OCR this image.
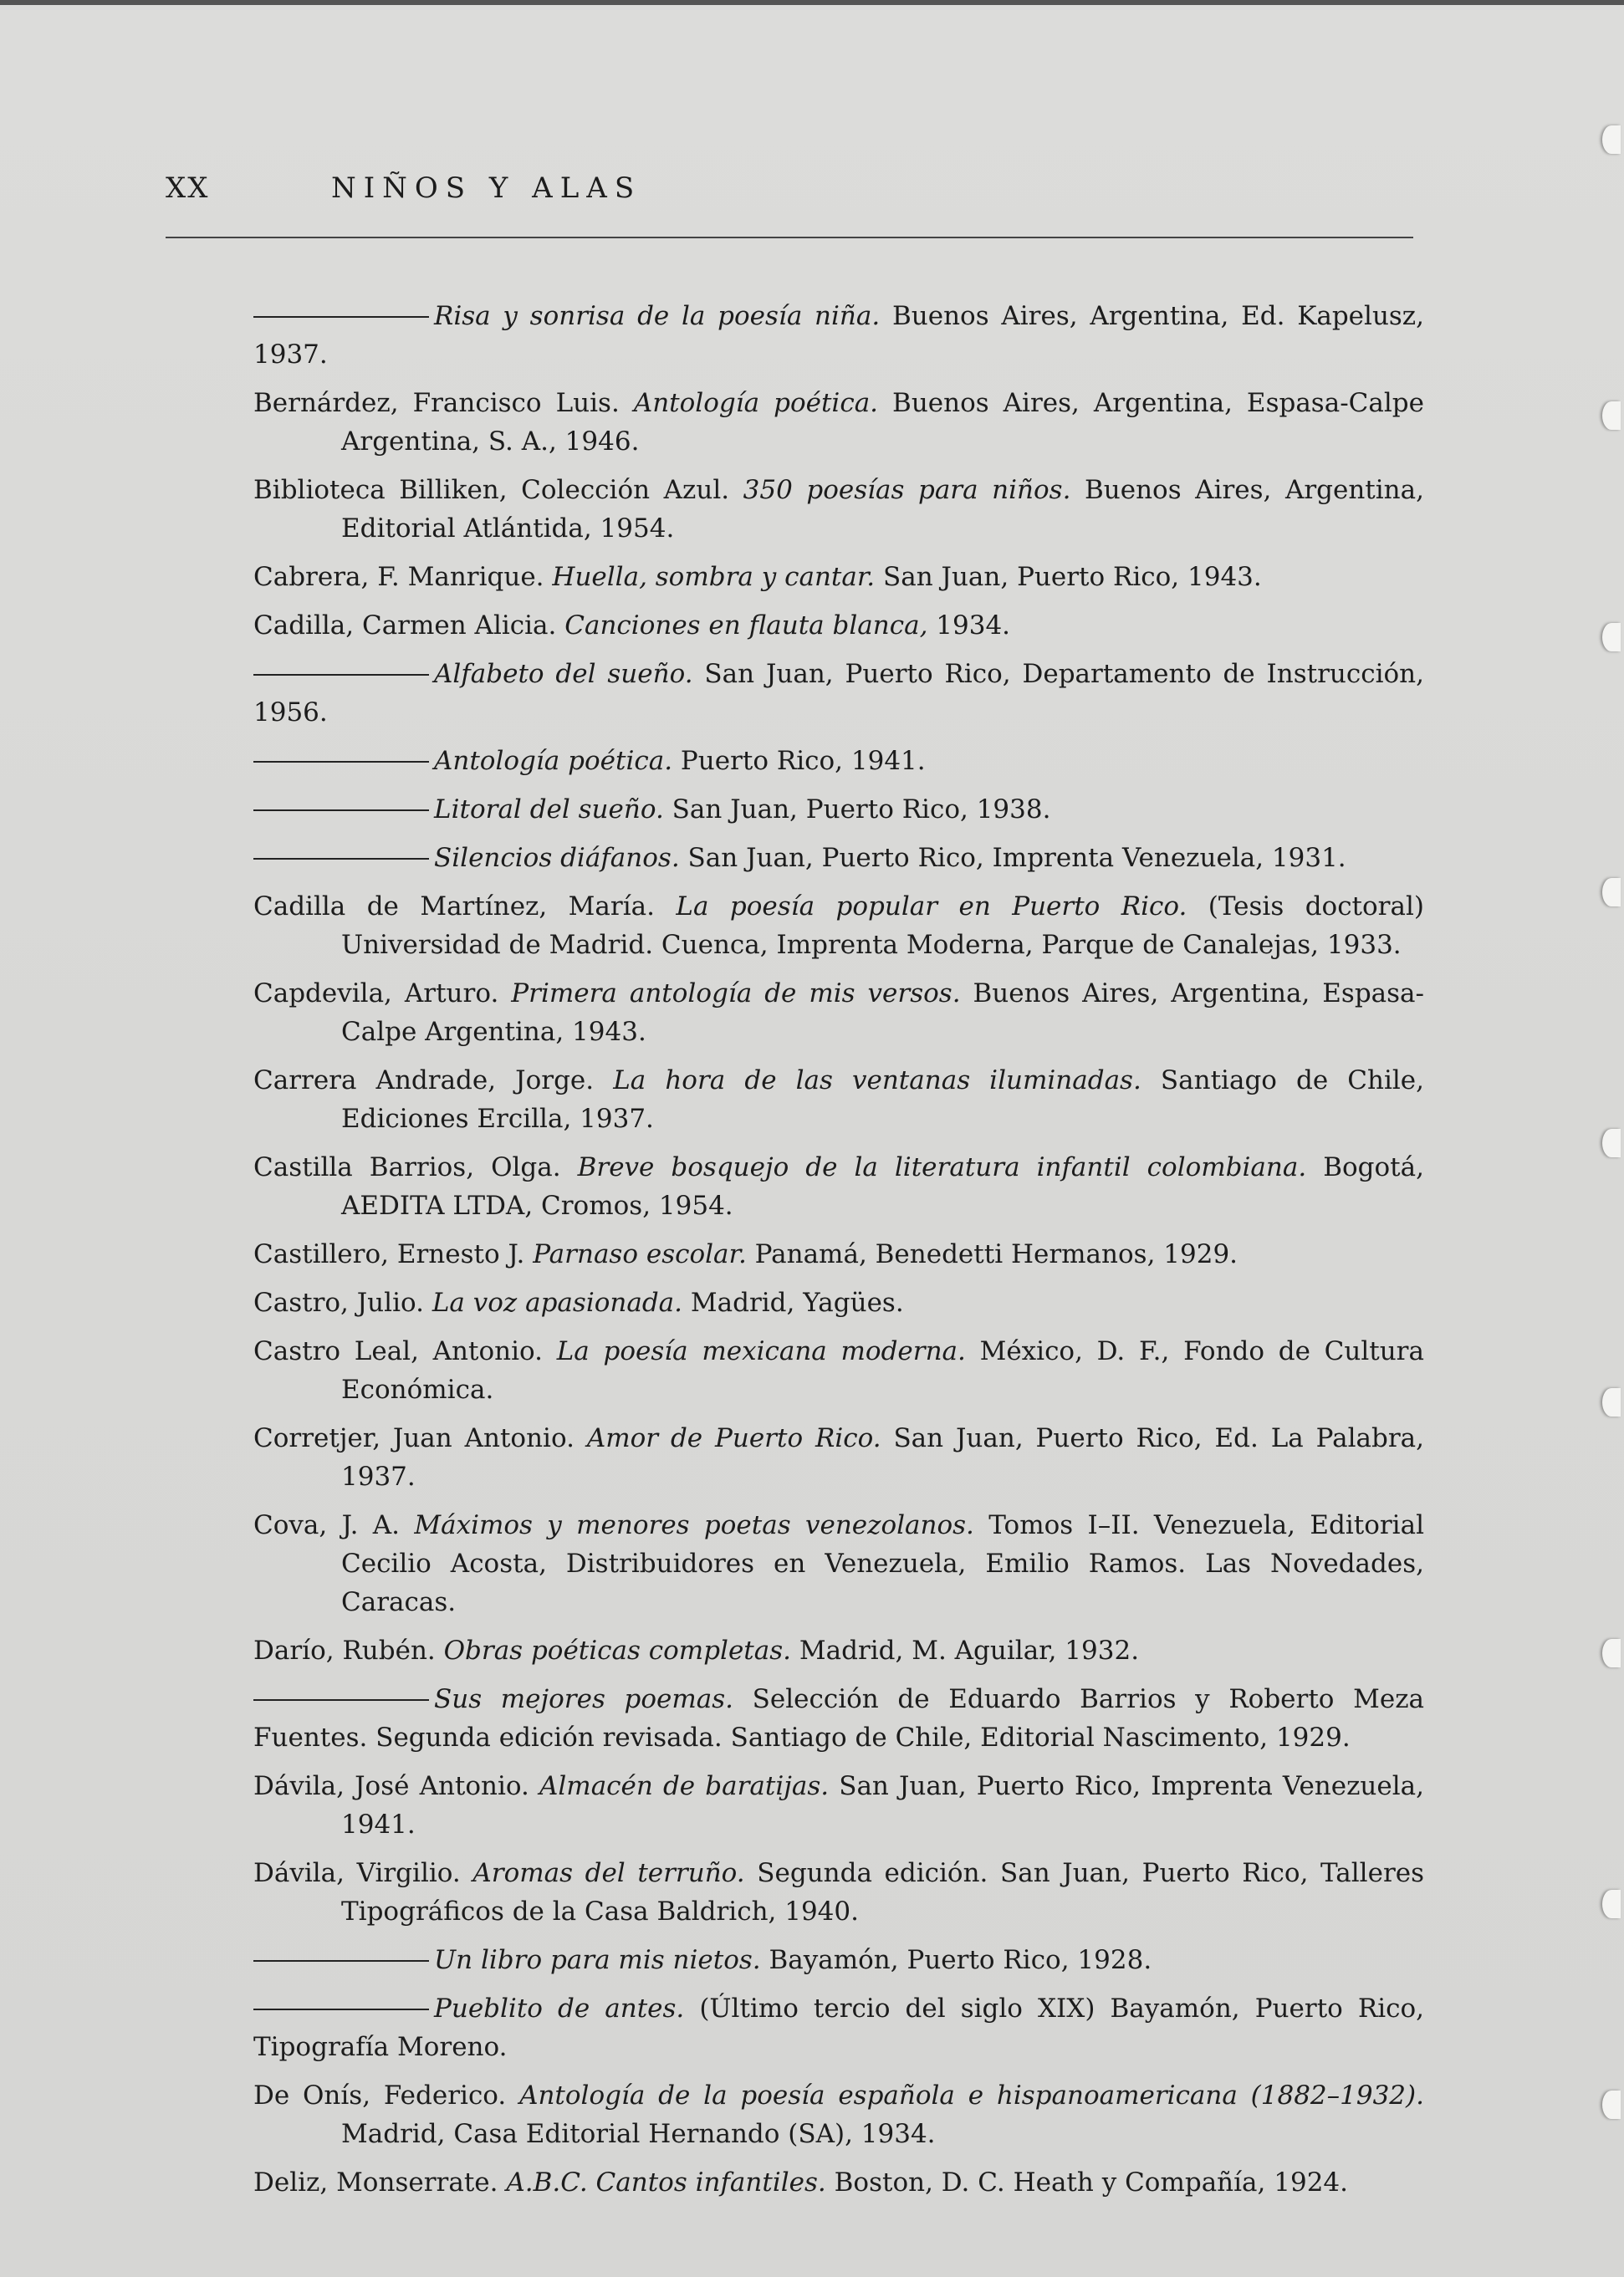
XX	NIÑOS Y ALAS
Risa y sonrisa de la poesía niña. Buenos Aires, Argentina, Ed. Kapelusz, 1937.
Bernárdez, Francisco Luis. Antología poética. Buenos Aires, Argentina, Espasa-Calpe Argentina, S. A., 1946.
Biblioteca Billiken, Colección Azul. 350 poesías para niños. Buenos Aires, Argentina, Editorial Atlántida, 1954.
Cabrera, F. Manrique. Huella, sombra y cantar. San Juan, Puerto Rico, 1943.
Cadilla, Carmen Alicia. Canciones en flauta blanca, 1934.
Alfabeto del sueño. San Juan, Puerto Rico, Departamento de Instrucción, 1956.
Antología poética. Puerto Rico, 1941.
Litoral del sueño. San Juan, Puerto Rico, 1938.
Silencios diáfanos. San Juan, Puerto Rico, Imprenta Venezuela, 1931.
Cadilla de Martínez, María. La poesía popular en Puerto Rico. (Tesis doctoral) Universidad de Madrid. Cuenca, Imprenta Moderna, Parque de Canalejas, 1933.
Capdevila, Arturo. Primera antología de mis versos. Buenos Aires, Argentina, Espasa-Calpe Argentina, 1943.
Carrera Andrade, Jorge. La hora de las ventanas iluminadas. Santiago de Chile, Ediciones Ercilla, 1937.
Castilla Barrios, Olga. Breve bosquejo de la literatura infantil colombiana. Bogotá, AEDITA LTDA, Cromos, 1954.
Castillero, Ernesto J. Parnaso escolar. Panamá, Benedetti Hermanos, 1929.
Castro, Julio. La voz apasionada. Madrid, Yagües.
Castro Leal, Antonio. La poesía mexicana moderna. México, D. F., Fondo de Cultura Económica.
Corretjer, Juan Antonio. Amor de Puerto Rico. San Juan, Puerto Rico, Ed. La Palabra, 1937.
Cova, J. A. Máximos y menores poetas venezolanos. Tomos I–II. Venezuela, Editorial Cecilio Acosta, Distribuidores en Venezuela, Emilio Ramos. Las Novedades, Caracas.
Darío, Rubén. Obras poéticas completas. Madrid, M. Aguilar, 1932.
Sus mejores poemas. Selección de Eduardo Barrios y Roberto Meza Fuentes. Segunda edición revisada. Santiago de Chile, Editorial Nascimento, 1929.
Dávila, José Antonio. Almacén de baratijas. San Juan, Puerto Rico, Imprenta Venezuela, 1941.
Dávila, Virgilio. Aromas del terruño. Segunda edición. San Juan, Puerto Rico, Talleres Tipográficos de la Casa Baldrich, 1940.
Un libro para mis nietos. Bayamón, Puerto Rico, 1928.
Pueblito de antes. (Último tercio del siglo XIX) Bayamón, Puerto Rico, Tipografía Moreno.
De Onís, Federico. Antología de la poesía española e hispanoamericana (1882–1932). Madrid, Casa Editorial Hernando (SA), 1934.
Deliz, Monserrate. A.B.C. Cantos infantiles. Boston, D. C. Heath y Compañía, 1924.
